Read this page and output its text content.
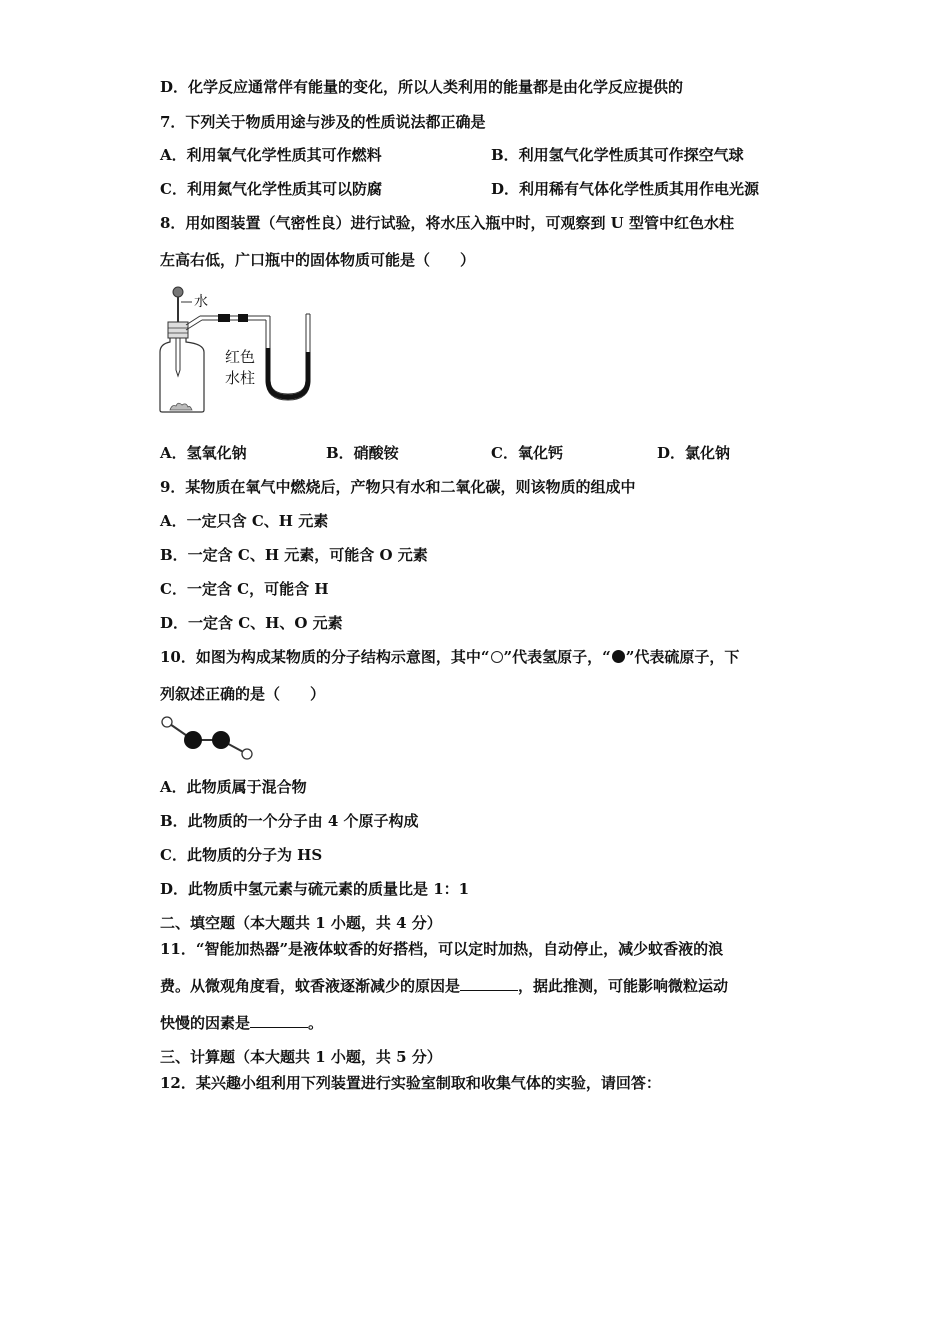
D．化学反应通常伴有能量的变化，所以人类利用的能量都是由化学反应提供的
7．下列关于物质用途与涉及的性质说法都正确是
A．利用氧气化学性质其可作燃料	B．利用氢气化学性质其可作探空气球
C．利用氮气化学性质其可以防腐	D．利用稀有气体化学性质其用作电光源
8．用如图装置（气密性良）进行试验，将水压入瓶中时，可观察到 U 型管中红色水柱
左高右低，广口瓶中的固体物质可能是（　　）
水
红色
水柱
A．氢氧化钠	B．硝酸铵	C．氧化钙	D．氯化钠
9．某物质在氧气中燃烧后，产物只有水和二氧化碳，则该物质的组成中
A．一定只含 C、H 元素
B．一定含 C、H 元素，可能含 O 元素
C．一定含 C，可能含 H
D．一定含 C、H、O 元素
10．如图为构成某物质的分子结构示意图，其中“ ”代表氢原子，“ ”代表硫原子，下
列叙述正确的是（　　）
A．此物质属于混合物
B．此物质的一个分子由 4 个原子构成
C．此物质的分子为 HS
D．此物质中氢元素与硫元素的质量比是 1：1
二、填空题（本大题共 1 小题，共 4 分）
11．“智能加热器”是液体蚊香的好搭档，可以定时加热，自动停止，减少蚊香液的浪
费。从微观角度看，蚊香液逐渐减少的原因是	，据此推测，可能影响微粒运动
快慢的因素是	。
三、计算题（本大题共 1 小题，共 5 分）
12．某兴趣小组利用下列装置进行实验室制取和收集气体的实验，请回答：
